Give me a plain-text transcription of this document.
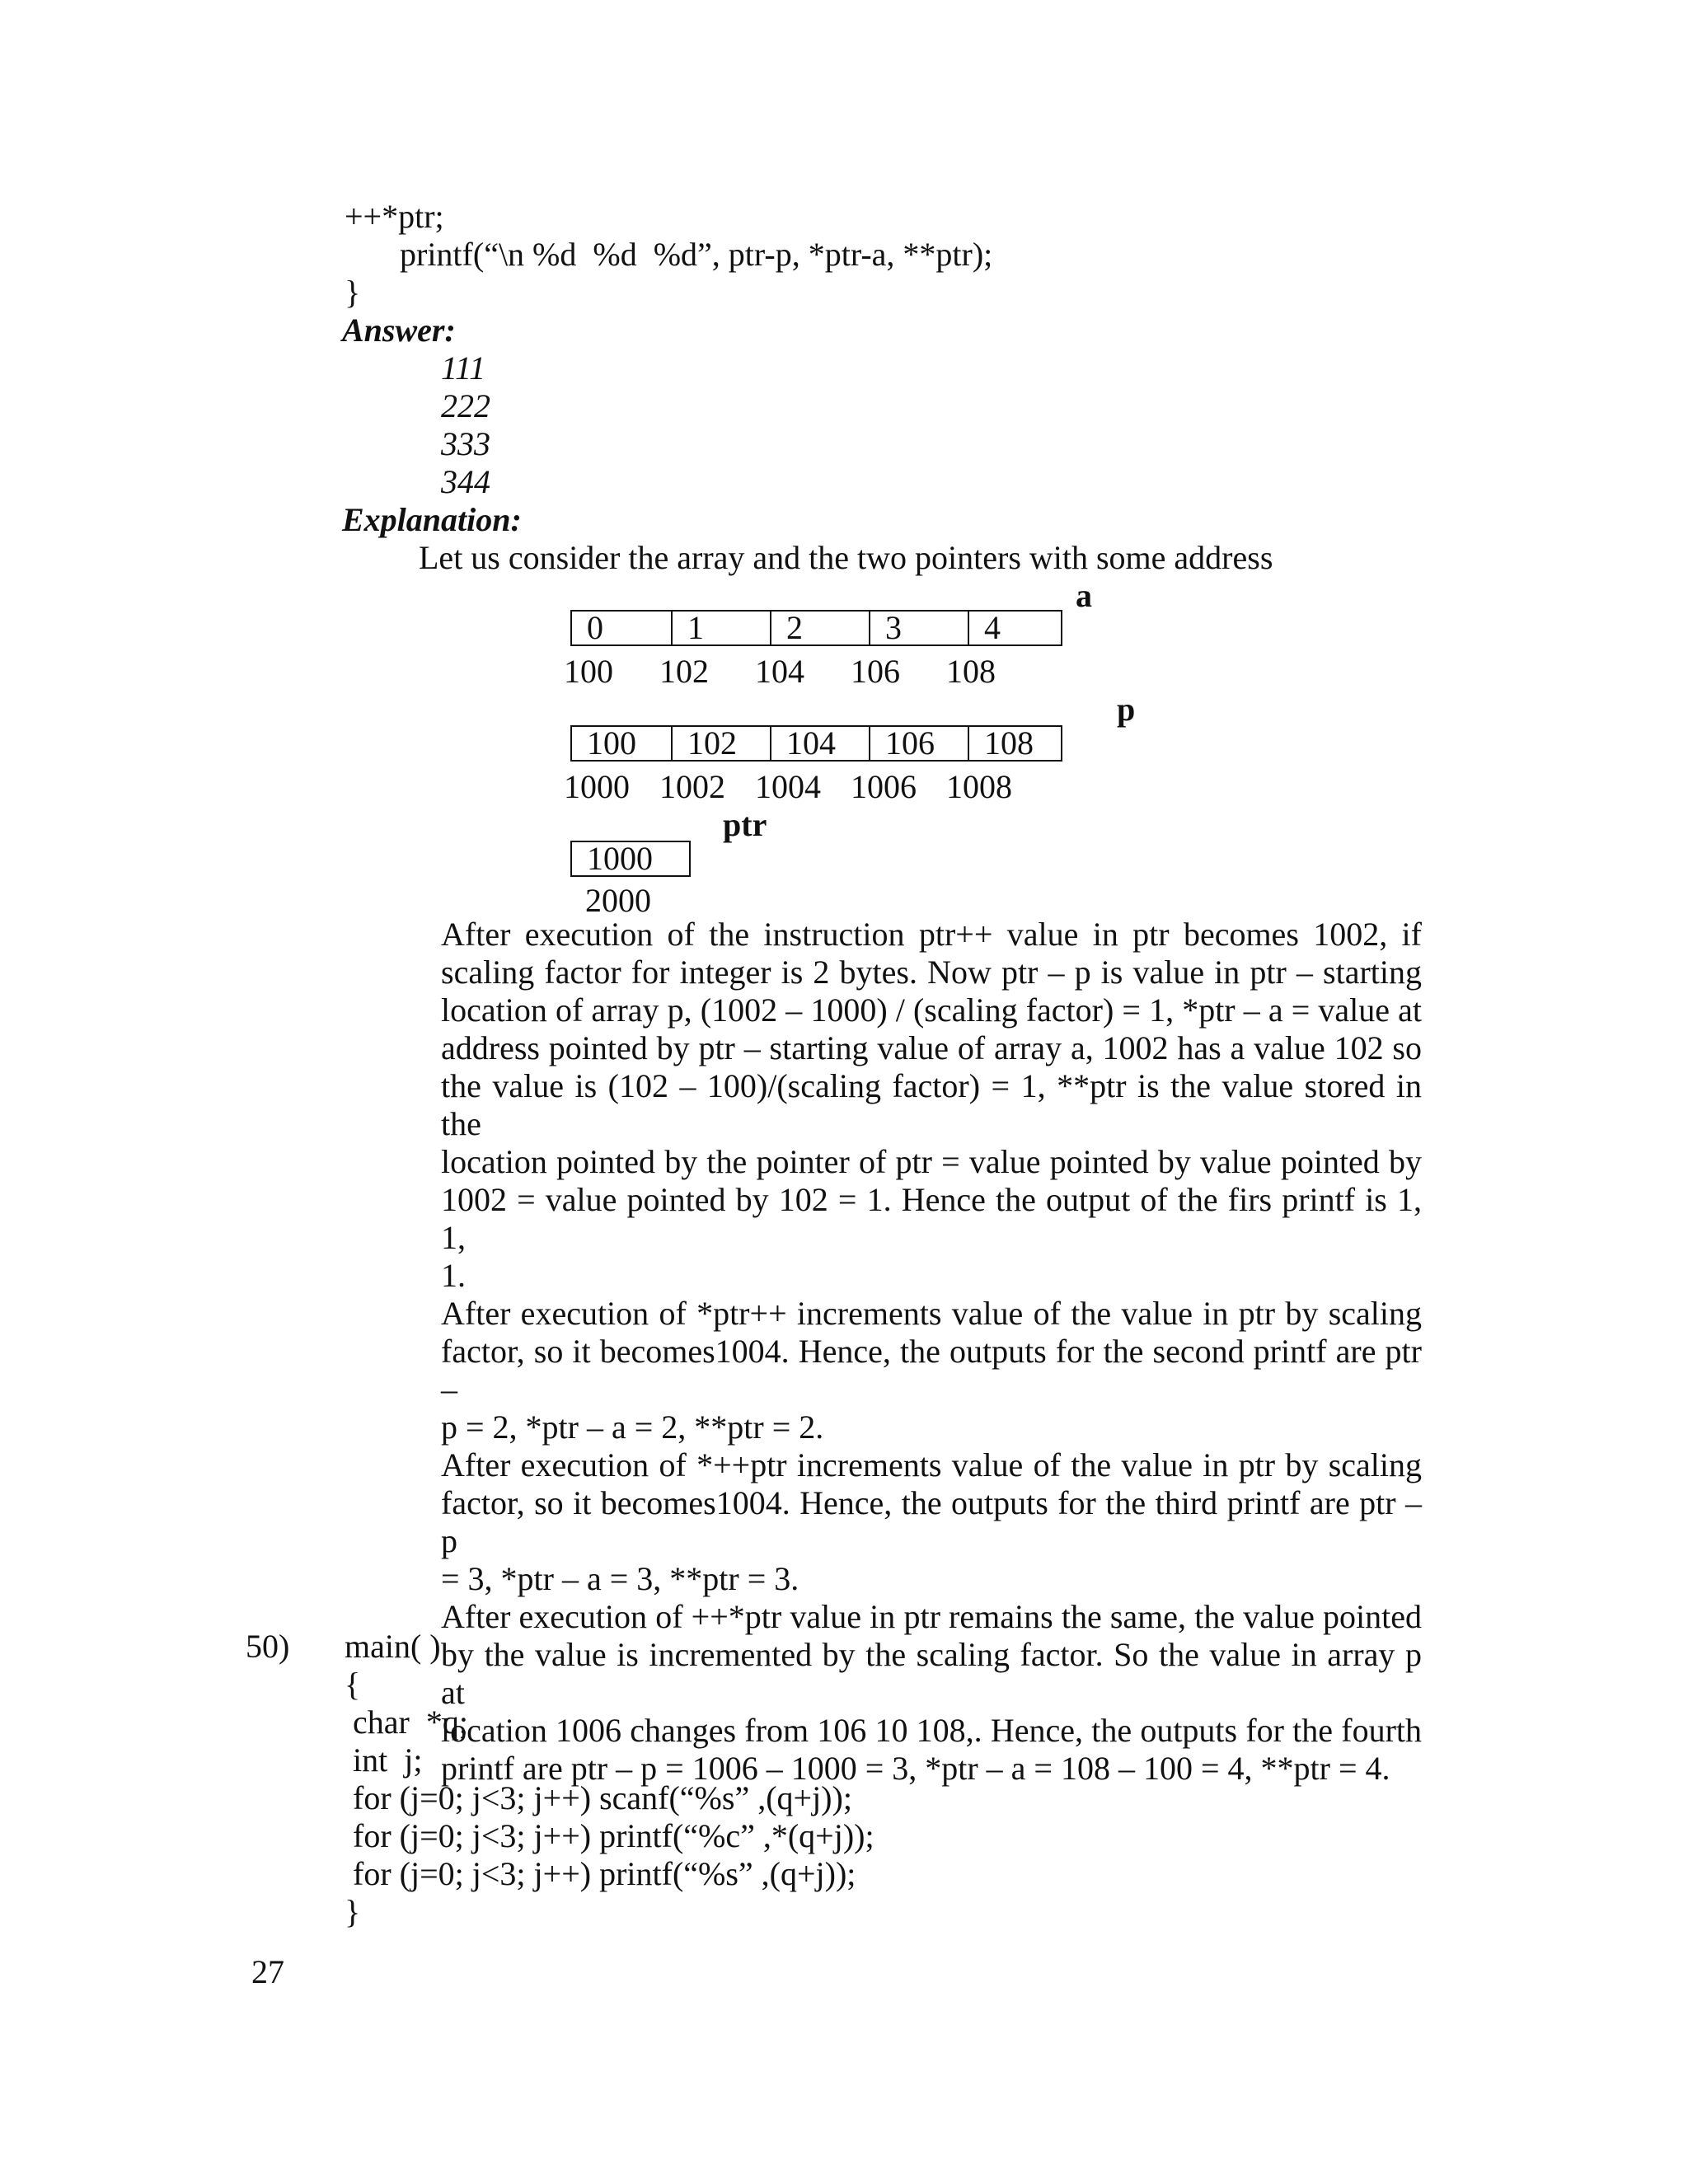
++*ptr;
printf(“\n %d  %d  %d”, ptr-p, *ptr-a, **ptr);
}
Answer:
111
222
333
344
Explanation:
Let us consider the array and the two pointers with some address
a
0	1	2	3	4
100 102 104 106 108
p
100	102	104	106	108
1000 1002 1004 1006 1008
ptr
1000
2000

After execution of the instruction ptr++ value in ptr becomes 1002, if
scaling factor for integer is 2 bytes. Now ptr – p is value in ptr – starting
location of array p, (1002 – 1000) / (scaling factor) = 1, *ptr – a = value at
address pointed by ptr – starting value of array a, 1002 has a value 102 so
the value is (102 – 100)/(scaling factor) = 1, **ptr is the value stored in the
location pointed by the pointer of ptr = value pointed by value pointed by
1002 = value pointed by 102 = 1. Hence the output of the firs printf is 1, 1,
1.

After execution of *ptr++ increments value of the value in ptr by scaling
factor, so it becomes1004. Hence, the outputs for the second printf are ptr –
p = 2, *ptr – a = 2, **ptr = 2.

After execution of *++ptr increments value of the value in ptr by scaling
factor, so it becomes1004. Hence, the outputs for the third printf are ptr – p
= 3, *ptr – a = 3, **ptr = 3.

After execution of ++*ptr value in ptr remains the same, the value pointed
by the value is incremented by the scaling factor. So the value in array p at
location 1006 changes from 106 10 108,. Hence, the outputs for the fourth
printf are ptr – p = 1006 – 1000 = 3, *ptr – a = 108 – 100 = 4, **ptr = 4.

50) main( )
{
char  *q;
int  j;
for (j=0; j<3; j++) scanf(“%s” ,(q+j));
for (j=0; j<3; j++) printf(“%c” ,*(q+j));
for (j=0; j<3; j++) printf(“%s” ,(q+j));
}
27
